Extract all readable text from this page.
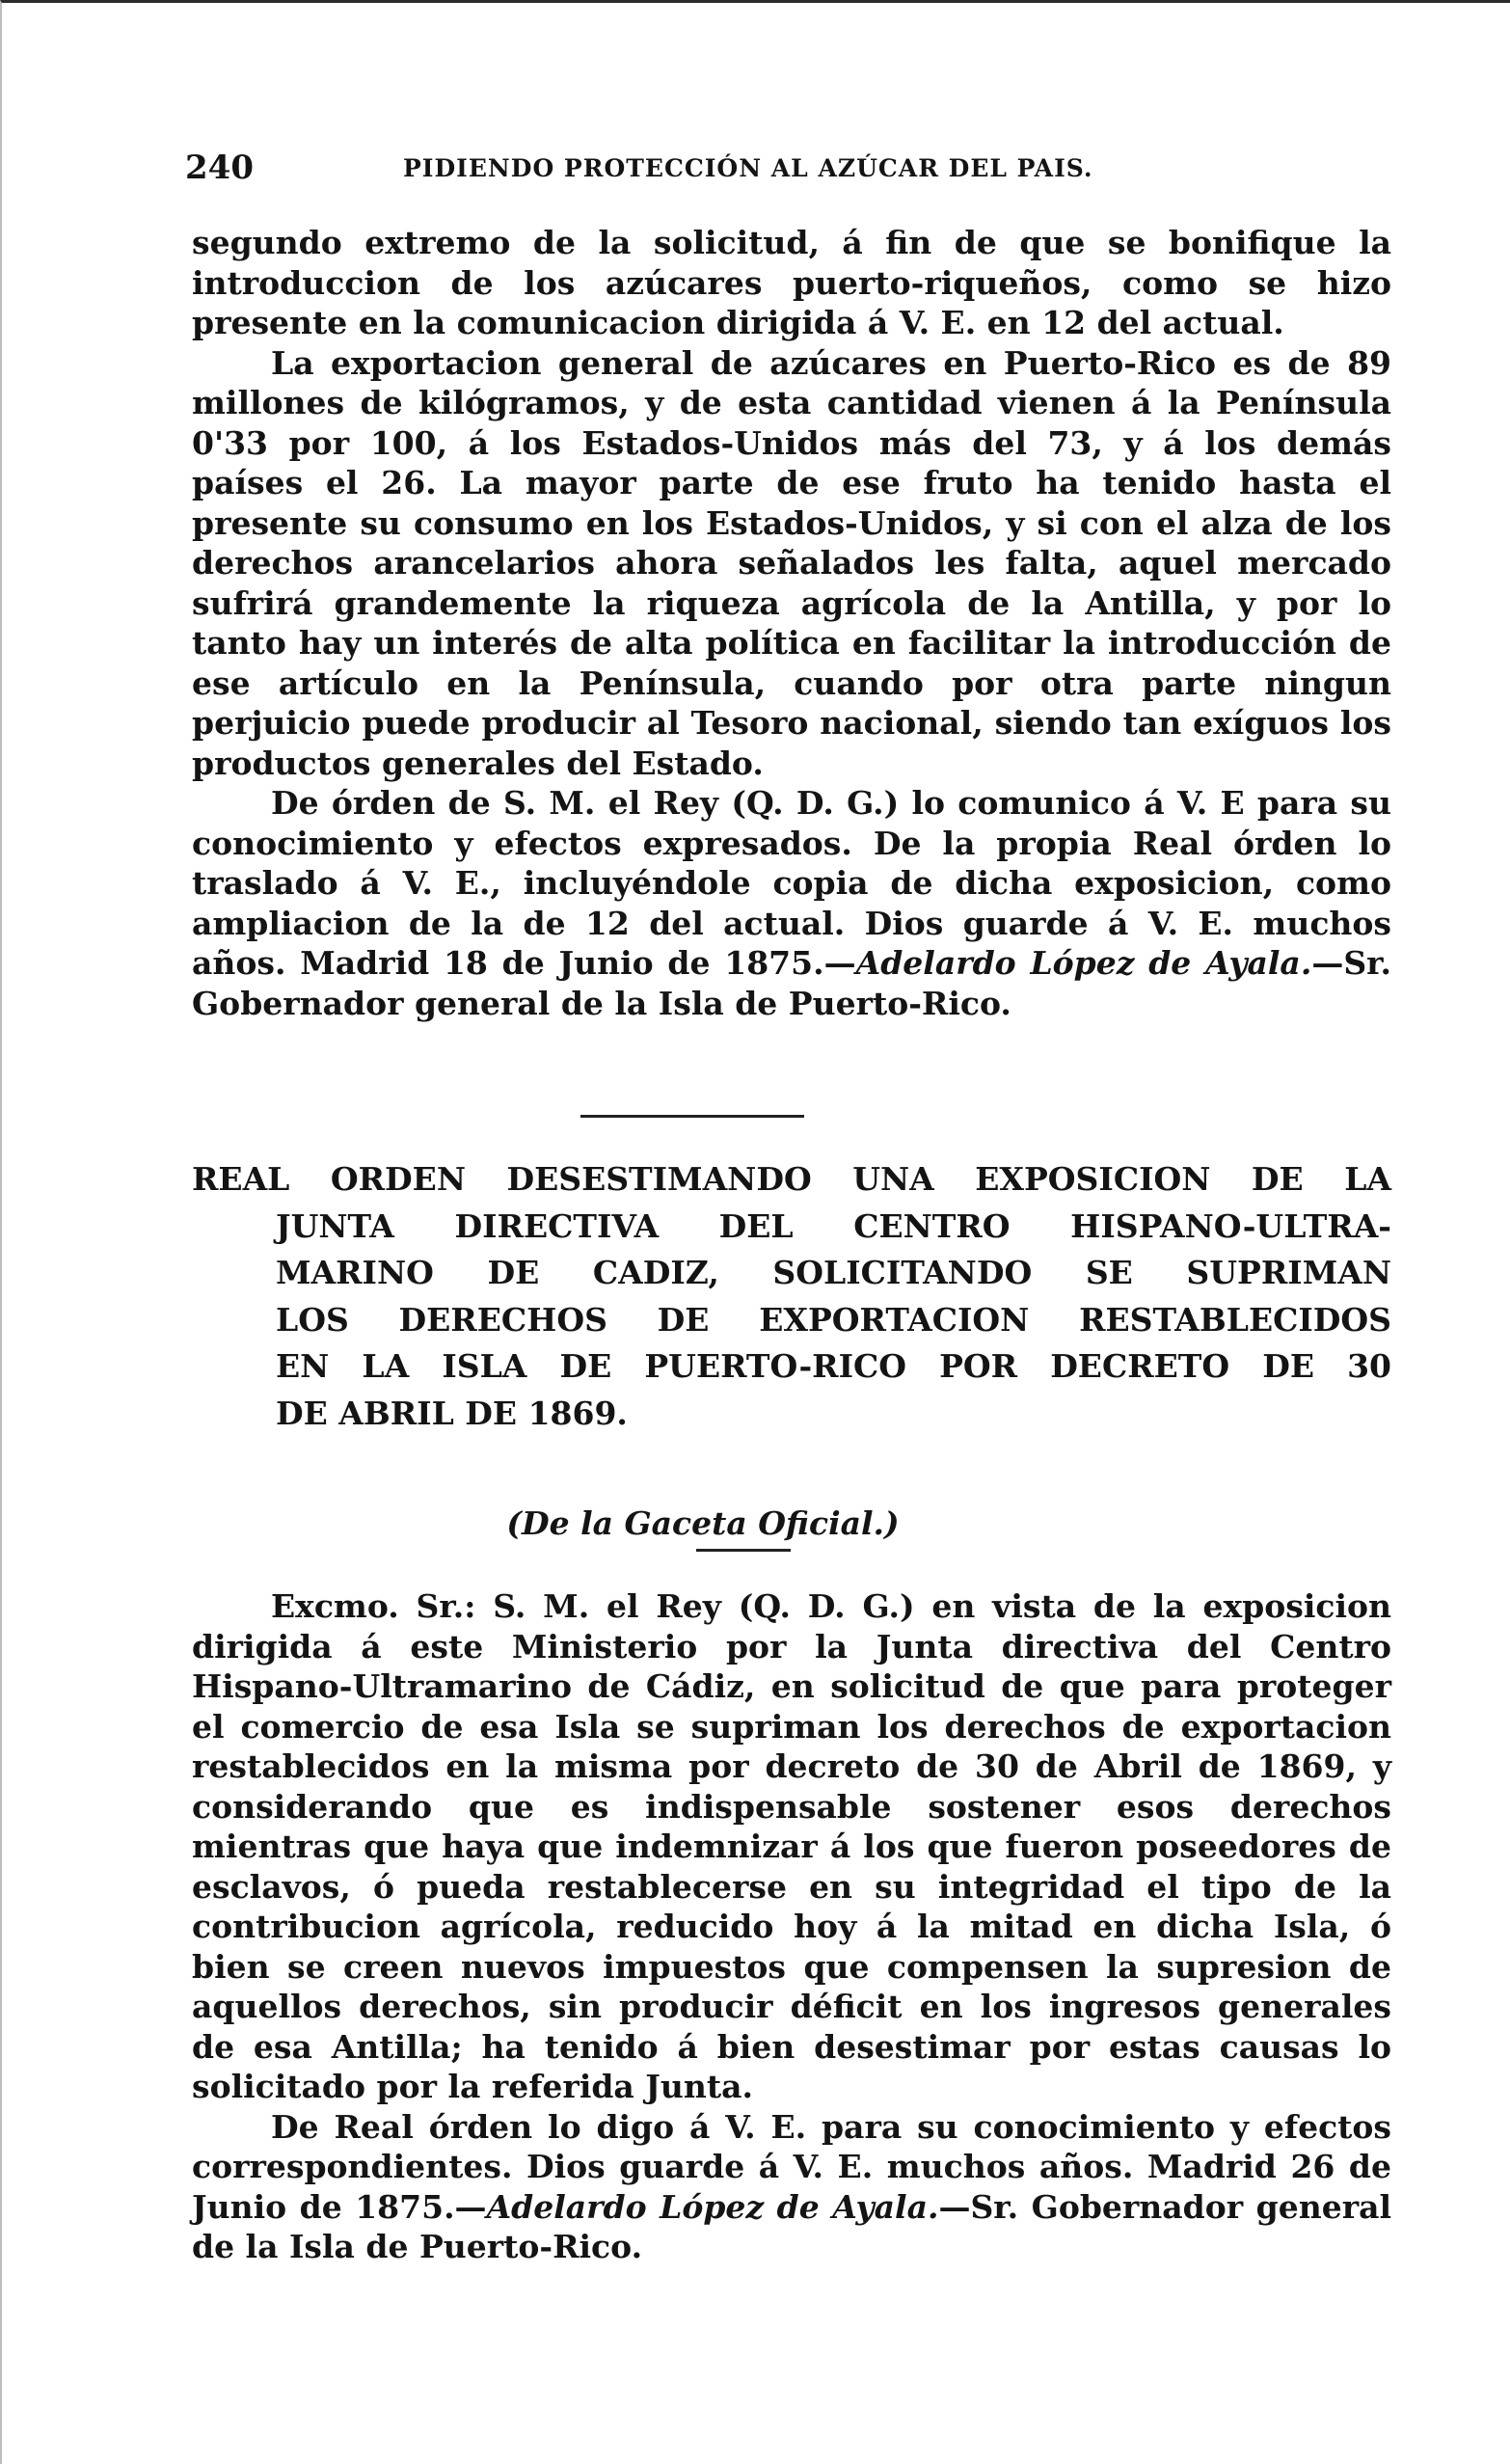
240	PIDIENDO PROTECCIÓN AL AZÚCAR DEL PAIS.

segundo extremo de la solicitud, á fin de que se bonifique la introduccion de los azúcares puerto-riqueños, como se hizo presente en la comunicacion dirigida á V. E. en 12 del actual.

La exportacion general de azúcares en Puerto-Rico es de 89 millones de kilógramos, y de esta cantidad vienen á la Península 0'33 por 100, á los Estados-Unidos más del 73, y á los demás países el 26. La mayor parte de ese fruto ha tenido hasta el presente su consumo en los Estados-Unidos, y si con el alza de los derechos arancelarios ahora señalados les falta, aquel mercado sufrirá grandemente la riqueza agrícola de la Antilla, y por lo tanto hay un interés de alta política en facilitar la introducción de ese artículo en la Península, cuando por otra parte ningun perjuicio puede producir al Tesoro nacional, siendo tan exíguos los productos generales del Estado.

De órden de S. M. el Rey (Q. D. G.) lo comunico á V. E para su conocimiento y efectos expresados. De la propia Real órden lo traslado á V. E., incluyéndole copia de dicha exposicion, como ampliacion de la de 12 del actual. Dios guarde á V. E. muchos años. Madrid 18 de Junio de 1875.—Adelardo López de Ayala.—Sr. Gobernador general de la Isla de Puerto-Rico.

REAL ORDEN DESESTIMANDO UNA EXPOSICION DE LA
JUNTA DIRECTIVA DEL CENTRO HISPANO-ULTRA-
MARINO DE CADIZ, SOLICITANDO SE SUPRIMAN
LOS DERECHOS DE EXPORTACION RESTABLECIDOS
EN LA ISLA DE PUERTO-RICO POR DECRETO DE 30
DE ABRIL DE 1869.
(De la Gaceta Oficial.)

Excmo. Sr.: S. M. el Rey (Q. D. G.) en vista de la exposicion dirigida á este Ministerio por la Junta directiva del Centro Hispano-Ultramarino de Cádiz, en solicitud de que para proteger el comercio de esa Isla se supriman los derechos de exportacion restablecidos en la misma por decreto de 30 de Abril de 1869, y considerando que es indispensable sostener esos derechos mientras que haya que indemnizar á los que fueron poseedores de esclavos, ó pueda restablecerse en su integridad el tipo de la contribucion agrícola, reducido hoy á la mitad en dicha Isla, ó bien se creen nuevos impuestos que compensen la supresion de aquellos derechos, sin producir déficit en los ingresos generales de esa Antilla; ha tenido á bien desestimar por estas causas lo solicitado por la referida Junta.

De Real órden lo digo á V. E. para su conocimiento y efectos correspondientes. Dios guarde á V. E. muchos años. Madrid 26 de Junio de 1875.—Adelardo López de Ayala.—Sr. Gobernador general de la Isla de Puerto-Rico.
